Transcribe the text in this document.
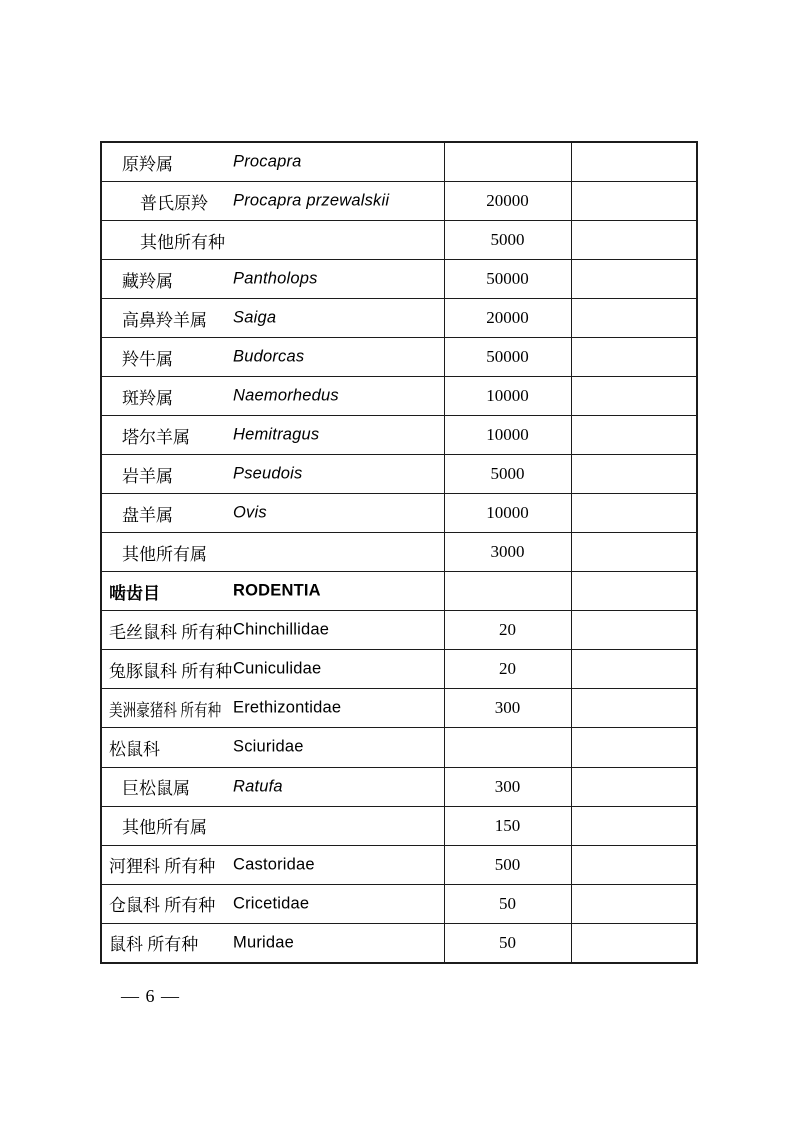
原羚属 Procapra		

普氏原羚 Procapra przewalskii	20000	
其他所有种	5000	
藏羚属 Pantholops	50000	
高鼻羚羊属 Saiga	20000	
羚牛属 Budorcas	50000	
斑羚属 Naemorhedus	10000	
塔尔羊属 Hemitragus	10000	
岩羊属 Pseudois	5000	
盘羊属 Ovis	10000	
其他所有属	3000	
啮齿目 RODENTIA		

毛丝鼠科 所有种 Chinchillidae	20	
兔豚鼠科 所有种 Cuniculidae	20	
美洲豪猪科 所有种 Erethizontidae	300	
松鼠科 Sciuridae		

巨松鼠属 Ratufa	300	
其他所有属	150	
河狸科 所有种 Castoridae	500	
仓鼠科 所有种 Cricetidae	50	
鼠科 所有种 Muridae	50	
— 6 —
